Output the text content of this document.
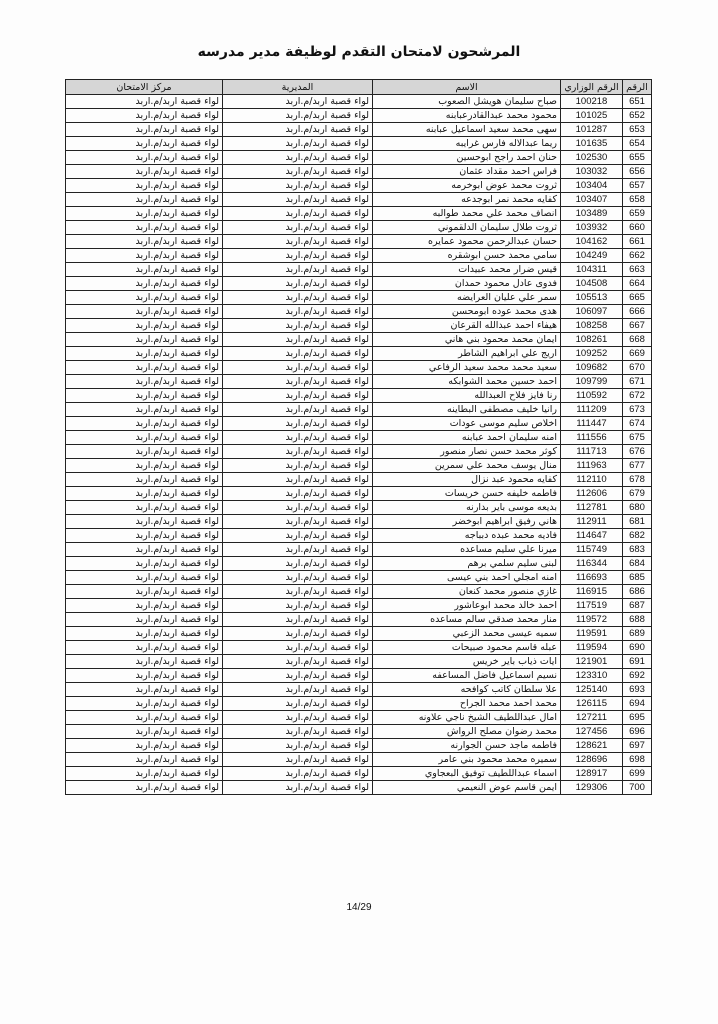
المرشحون لامتحان التقدم لوظيفة مدير مدرسه
الرقم	الرقم الوزاري	الاسم	المديرية	مركز الامتحان
651	100218	صباح سليمان هويشل الصعوب	لواء قصبة اربد/م.اربد	لواء قصبة اربد/م.اربد
652	101025	محمود محمد عبدالقادرعبابنه	لواء قصبة اربد/م.اربد	لواء قصبة اربد/م.اربد
653	101287	سهى محمد سعيد اسماعيل عبابنه	لواء قصبة اربد/م.اربد	لواء قصبة اربد/م.اربد
654	101635	ريما عبدالاله فارس غرايبه	لواء قصبة اربد/م.اربد	لواء قصبة اربد/م.اربد
655	102530	حنان احمد راجح ابوحسين	لواء قصبة اربد/م.اربد	لواء قصبة اربد/م.اربد
656	103032	فراس احمد مقداد عثمان	لواء قصبة اربد/م.اربد	لواء قصبة اربد/م.اربد
657	103404	ثروت محمد عوض ابوخرمه	لواء قصبة اربد/م.اربد	لواء قصبة اربد/م.اربد
658	103407	كفايه محمد نمر ابوجدعه	لواء قصبة اربد/م.اربد	لواء قصبة اربد/م.اربد
659	103489	انصاف محمد علي محمد طوالبه	لواء قصبة اربد/م.اربد	لواء قصبة اربد/م.اربد
660	103932	ثروت طلال سليمان الدلقموني	لواء قصبة اربد/م.اربد	لواء قصبة اربد/م.اربد
661	104162	حسان عبدالرحمن محمود عمايره	لواء قصبة اربد/م.اربد	لواء قصبة اربد/م.اربد
662	104249	سامي محمد حسن ابوشقره	لواء قصبة اربد/م.اربد	لواء قصبة اربد/م.اربد
663	104311	قيس ضرار محمد عبيدات	لواء قصبة اربد/م.اربد	لواء قصبة اربد/م.اربد
664	104508	فدوى عادل محمود حمدان	لواء قصبة اربد/م.اربد	لواء قصبة اربد/م.اربد
665	105513	سمر علي عليان العرايضه	لواء قصبة اربد/م.اربد	لواء قصبة اربد/م.اربد
666	106097	هدى محمد عوده ابومحسن	لواء قصبة اربد/م.اربد	لواء قصبة اربد/م.اربد
667	108258	هيفاء احمد عبدالله القرعان	لواء قصبة اربد/م.اربد	لواء قصبة اربد/م.اربد
668	108261	ايمان محمد محمود بني هاني	لواء قصبة اربد/م.اربد	لواء قصبة اربد/م.اربد
669	109252	اريج علي ابراهيم الشاطر	لواء قصبة اربد/م.اربد	لواء قصبة اربد/م.اربد
670	109682	سعيد محمد محمد سعيد الرفاعي	لواء قصبة اربد/م.اربد	لواء قصبة اربد/م.اربد
671	109799	احمد حسين محمد الشوابكه	لواء قصبة اربد/م.اربد	لواء قصبة اربد/م.اربد
672	110592	رنا فايز فلاح العبدالله	لواء قصبة اربد/م.اربد	لواء قصبة اربد/م.اربد
673	111209	رانيا خليف مصطفى البطاينه	لواء قصبة اربد/م.اربد	لواء قصبة اربد/م.اربد
674	111447	اخلاص سليم موسى عودات	لواء قصبة اربد/م.اربد	لواء قصبة اربد/م.اربد
675	111556	امنه سليمان احمد عبابنه	لواء قصبة اربد/م.اربد	لواء قصبة اربد/م.اربد
676	111713	كوثر محمد حسن نصار منصور	لواء قصبة اربد/م.اربد	لواء قصبة اربد/م.اربد
677	111963	منال يوسف محمد علي سمرين	لواء قصبة اربد/م.اربد	لواء قصبة اربد/م.اربد
678	112110	كفايه محمود عبد نزال	لواء قصبة اربد/م.اربد	لواء قصبة اربد/م.اربد
679	112606	فاطمه خليفه حسن خريسات	لواء قصبة اربد/م.اربد	لواء قصبة اربد/م.اربد
680	112781	بديعه موسى باير بدارنه	لواء قصبة اربد/م.اربد	لواء قصبة اربد/م.اربد
681	112911	هاني رفيق ابراهيم ابوخضر	لواء قصبة اربد/م.اربد	لواء قصبة اربد/م.اربد
682	114647	فاديه محمد عبده دبباجه	لواء قصبة اربد/م.اربد	لواء قصبة اربد/م.اربد
683	115749	ميرنا علي سليم مساعده	لواء قصبة اربد/م.اربد	لواء قصبة اربد/م.اربد
684	116344	لبنى سليم سلمي برهم	لواء قصبة اربد/م.اربد	لواء قصبة اربد/م.اربد
685	116693	امنه امجلي احمد بني عيسى	لواء قصبة اربد/م.اربد	لواء قصبة اربد/م.اربد
686	116915	غازي منصور محمد كنعان	لواء قصبة اربد/م.اربد	لواء قصبة اربد/م.اربد
687	117519	احمد خالد محمد ابوعاشور	لواء قصبة اربد/م.اربد	لواء قصبة اربد/م.اربد
688	119572	منار محمد صدقي سالم مساعده	لواء قصبة اربد/م.اربد	لواء قصبة اربد/م.اربد
689	119591	سميه عيسى محمد الزعبي	لواء قصبة اربد/م.اربد	لواء قصبة اربد/م.اربد
690	119594	عبله قاسم محمود صبيحات	لواء قصبة اربد/م.اربد	لواء قصبة اربد/م.اربد
691	121901	ايات ذياب باير خريس	لواء قصبة اربد/م.اربد	لواء قصبة اربد/م.اربد
692	123310	نسيم اسماعيل فاضل المساعفه	لواء قصبة اربد/م.اربد	لواء قصبة اربد/م.اربد
693	125140	علا سلطان كاتب كوافحه	لواء قصبة اربد/م.اربد	لواء قصبة اربد/م.اربد
694	126115	محمد احمد محمد الجراح	لواء قصبة اربد/م.اربد	لواء قصبة اربد/م.اربد
695	127211	امال عبداللطيف الشيخ ناجي علاونه	لواء قصبة اربد/م.اربد	لواء قصبة اربد/م.اربد
696	127456	محمد رضوان مصلح الرواش	لواء قصبة اربد/م.اربد	لواء قصبة اربد/م.اربد
697	128621	فاطمه ماجد حسن الجوارنه	لواء قصبة اربد/م.اربد	لواء قصبة اربد/م.اربد
698	128696	سميره محمد محمود بني عامر	لواء قصبة اربد/م.اربد	لواء قصبة اربد/م.اربد
699	128917	اسماء عبداللطيف توفيق البعجاوي	لواء قصبة اربد/م.اربد	لواء قصبة اربد/م.اربد
700	129306	ايمن قاسم عوض النعيمي	لواء قصبة اربد/م.اربد	لواء قصبة اربد/م.اربد
14/29
